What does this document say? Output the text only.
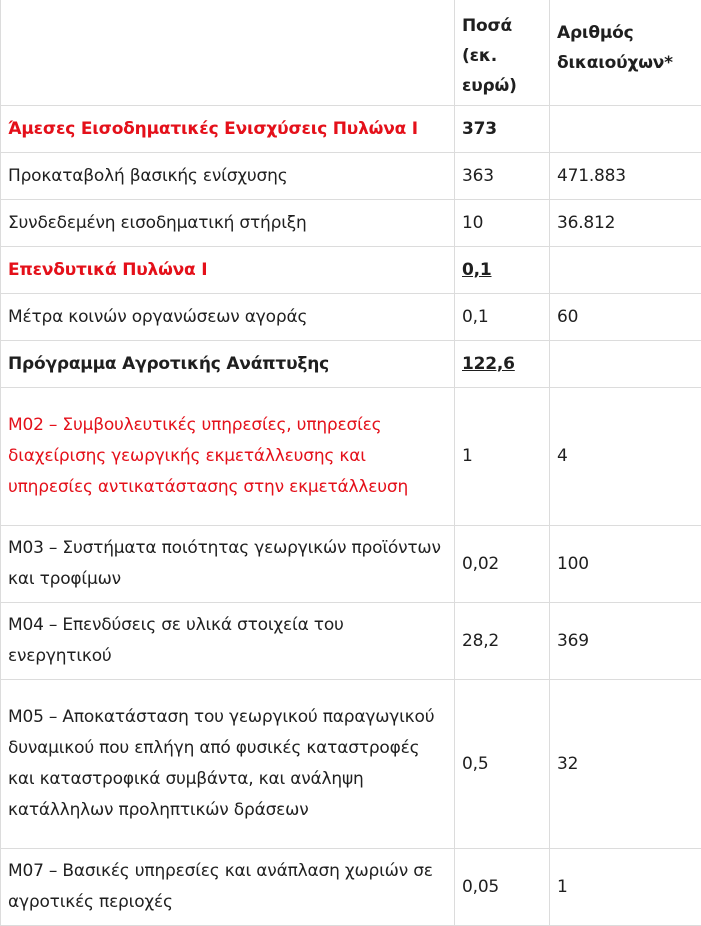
	Ποσά (εκ. ευρώ)	Αριθμός δικαιούχων*
Άμεσες Εισοδηματικές Ενισχύσεις Πυλώνα Ι	373	
Προκαταβολή βασικής ενίσχυσης	363	471.883
Συνδεδεμένη εισοδηματική στήριξη	10	36.812
Επενδυτικά Πυλώνα Ι	0,1	
Μέτρα κοινών οργανώσεων αγοράς	0,1	60
Πρόγραμμα Αγροτικής Ανάπτυξης	122,6	
Μ02 – Συμβουλευτικές υπηρεσίες, υπηρεσίες διαχείρισης γεωργικής εκμετάλλευσης και υπηρεσίες αντικατάστασης στην εκμετάλλευση	1	4
Μ03 – Συστήματα ποιότητας γεωργικών προϊόντων και τροφίμων	0,02	100
Μ04 – Επενδύσεις σε υλικά στοιχεία του ενεργητικού	28,2	369
Μ05 – Αποκατάσταση του γεωργικού παραγωγικού δυναμικού που επλήγη από φυσικές καταστροφές και καταστροφικά συμβάντα, και ανάληψη κατάλληλων προληπτικών δράσεων	0,5	32
Μ07 – Βασικές υπηρεσίες και ανάπλαση χωριών σε αγροτικές περιοχές	0,05	1
